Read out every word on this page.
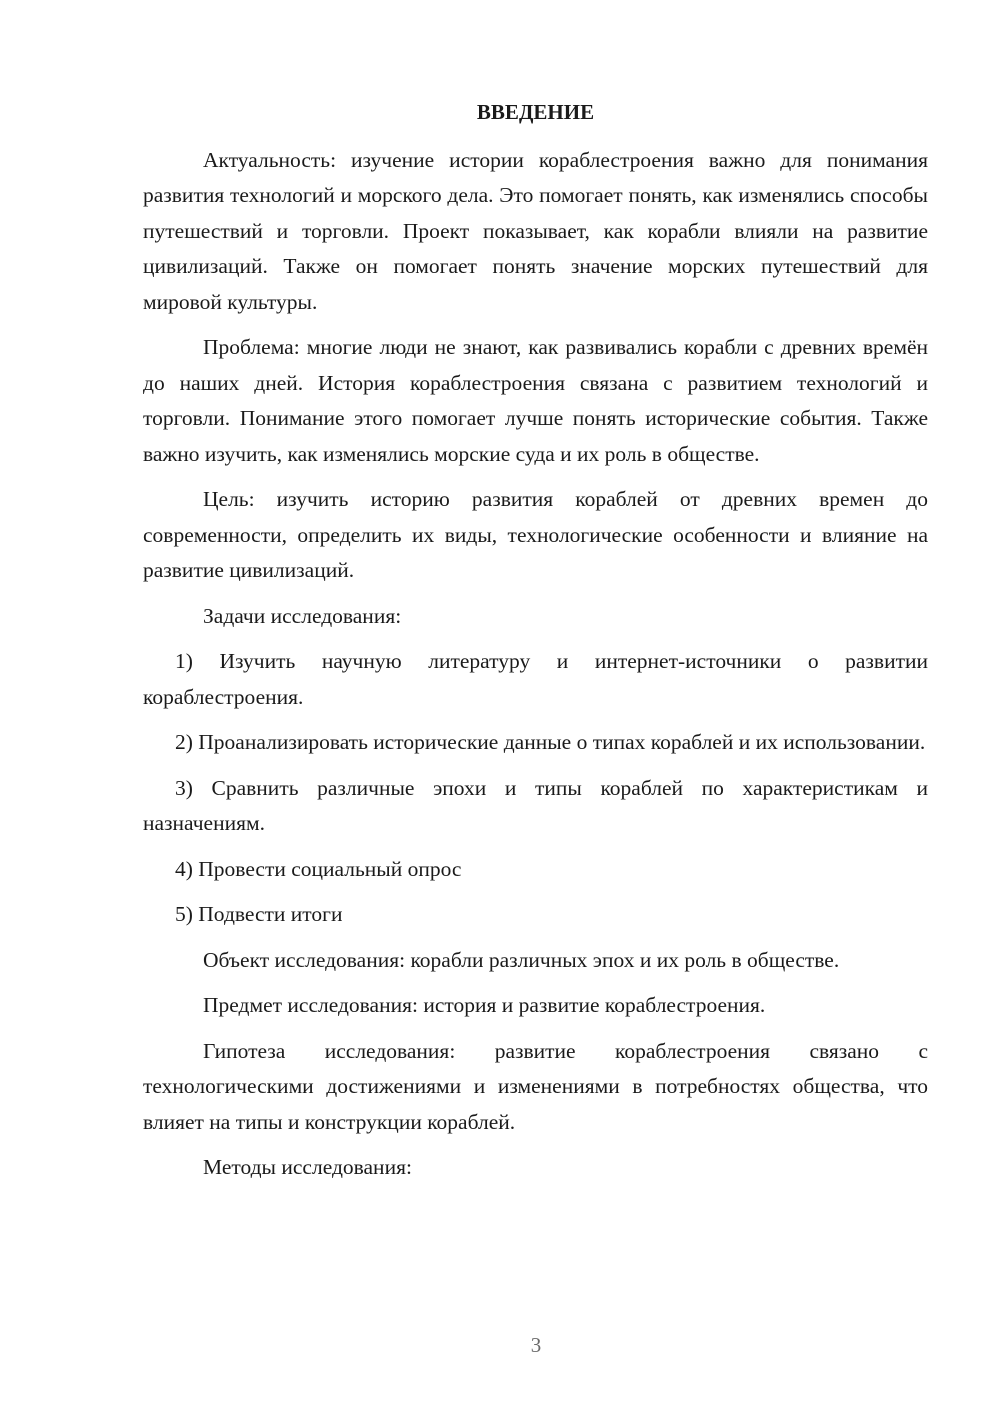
ВВЕДЕНИЕ

Актуальность: изучение истории кораблестроения важно для понимания развития технологий и морского дела. Это помогает понять, как изменялись способы путешествий и торговли. Проект показывает, как корабли влияли на развитие цивилизаций. Также он помогает понять значение морских путешествий для мировой культуры.

Проблема: многие люди не знают, как развивались корабли с древних времён до наших дней. История кораблестроения связана с развитием технологий и торговли. Понимание этого помогает лучше понять исторические события. Также важно изучить, как изменялись морские суда и их роль в обществе.

Цель: изучить историю развития кораблей от древних времен до современности, определить их виды, технологические особенности и влияние на развитие цивилизаций.

Задачи исследования:

1) Изучить научную литературу и интернет-источники о развитии кораблестроения.

2) Проанализировать исторические данные о типах кораблей и их использовании.

3) Сравнить различные эпохи и типы кораблей по характеристикам и назначениям.

4) Провести социальный опрос

5) Подвести итоги

Объект исследования: корабли различных эпох и их роль в обществе.

Предмет исследования: история и развитие кораблестроения.

Гипотеза исследования: развитие кораблестроения связано с технологическими достижениями и изменениями в потребностях общества, что влияет на типы и конструкции кораблей.

Методы исследования:

3
